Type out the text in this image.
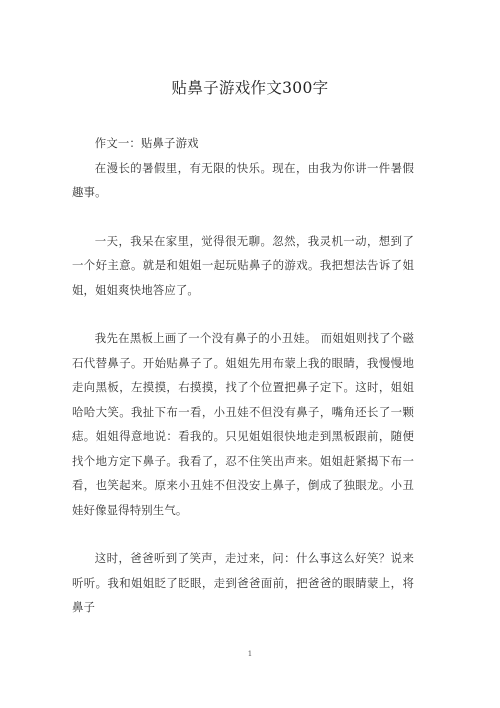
贴鼻子游戏作文300字

作文一：贴鼻子游戏

在漫长的暑假里，有无限的快乐。现在，由我为你讲一件暑假趣事。

一天，我呆在家里，觉得很无聊。忽然，我灵机一动，想到了一个好主意。就是和姐姐一起玩贴鼻子的游戏。我把想法告诉了姐姐，姐姐爽快地答应了。

我先在黑板上画了一个没有鼻子的小丑娃。 而姐姐则找了个磁石代替鼻子。开始贴鼻子了。姐姐先用布蒙上我的眼睛，我慢慢地走向黑板，左摸摸，右摸摸，找了个位置把鼻子定下。这时，姐姐哈哈大笑。我扯下布一看，小丑娃不但没有鼻子，嘴角还长了一颗痣。姐姐得意地说：看我的。只见姐姐很快地走到黑板跟前，随便找个地方定下鼻子。我看了，忍不住笑出声来。姐姐赶紧揭下布一看，也笑起来。原来小丑娃不但没安上鼻子，倒成了独眼龙。小丑娃好像显得特别生气。

这时，爸爸听到了笑声，走过来，问：什么事这么好笑？说来听听。我和姐姐眨了眨眼，走到爸爸面前，把爸爸的眼睛蒙上，将鼻子

1
